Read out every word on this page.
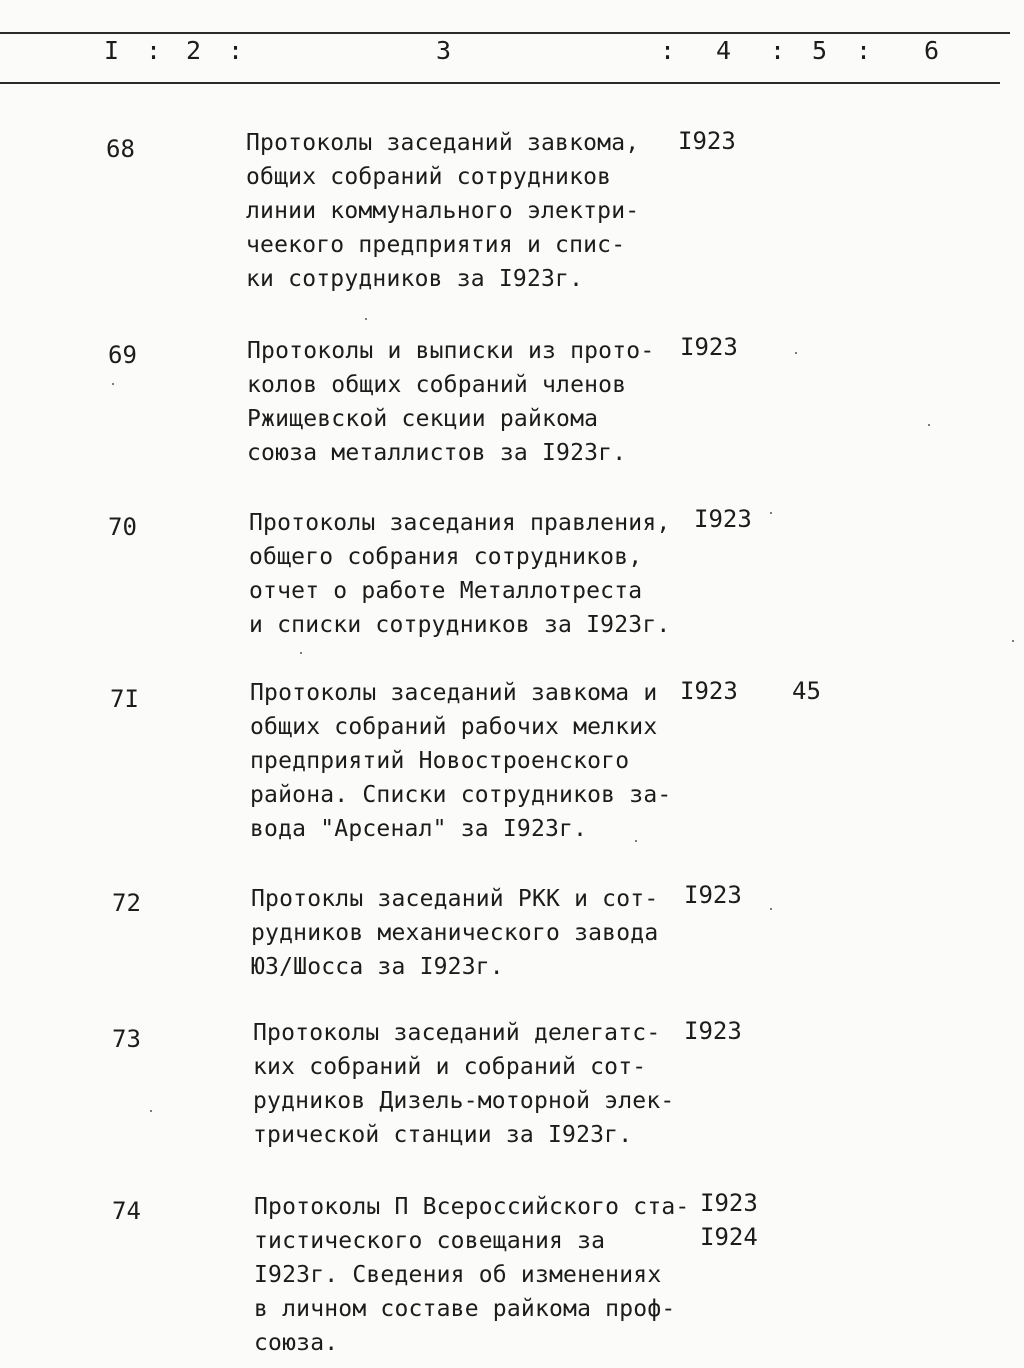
I : 2 :	3	: 4 : 5 : 6
68	Протоколы заседаний завкома,
общих собраний сотрудников
линии коммунального электри-
чеекого предприятия и спис-
ки сотрудников за I923г.
I923
69	Протоколы и выписки из прото-
колов общих собраний членов
Ржищевской секции райкома
союза металлистов за I923г.
I923
70	Протоколы заседания правления,
общего собрания сотрудников,
отчет о работе Металлотреста
и списки сотрудников за I923г.
I923
7I	Протоколы заседаний завкома и
общих собраний рабочих мелких
предприятий Новостроенского
района. Списки сотрудников за-
вода "Арсенал" за I923г.
I923 45
72	Протоклы заседаний РКК и сот-
рудников механического завода
ЮЗ/Шосса за I923г.
I923
73	Протоколы заседаний делегатс-
ких собраний и собраний сот-
рудников Дизель-моторной элек-
трической станции за I923г.
I923
74	Протоколы П Всероссийского ста-
тистического совещания за
I923г. Сведения об изменениях
в личном составе райкома проф-
союза.
I923
I924
